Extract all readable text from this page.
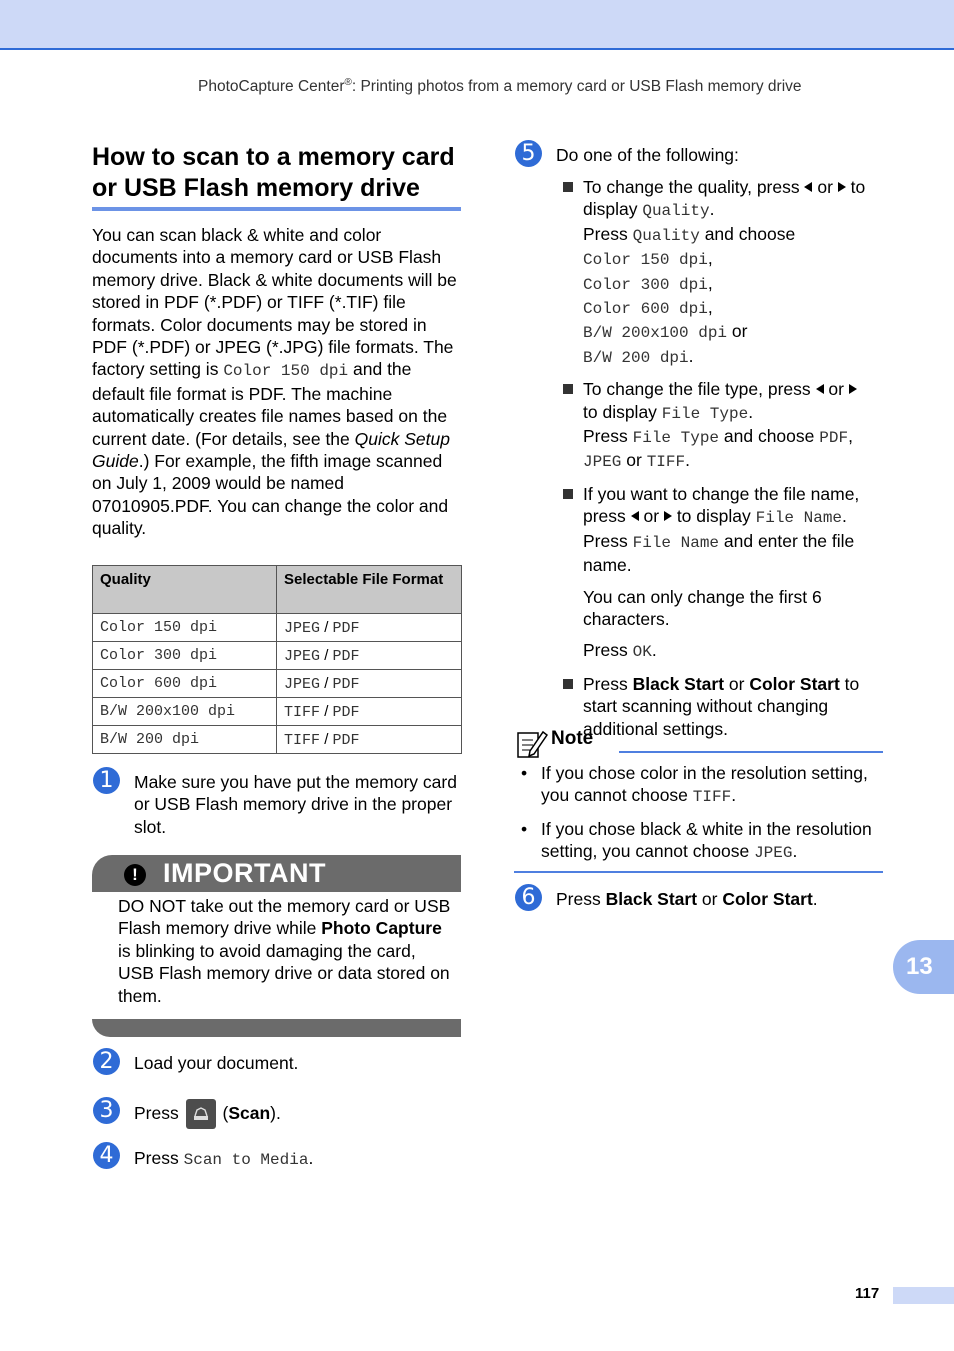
PhotoCapture Center®: Printing photos from a memory card or USB Flash memory drive
How to scan to a memory card or USB Flash memory drive
You can scan black & white and color documents into a memory card or USB Flash memory drive. Black & white documents will be stored in PDF (*.PDF) or TIFF (*.TIF) file formats. Color documents may be stored in PDF (*.PDF) or JPEG (*.JPG) file formats. The factory setting is Color 150 dpi and the default file format is PDF. The machine automatically creates file names based on the current date. (For details, see the Quick Setup Guide.) For example, the fifth image scanned on July 1, 2009 would be named 07010905.PDF. You can change the color and quality.
Quality	Selectable File Format
Color 150 dpi	JPEG / PDF
Color 300 dpi	JPEG / PDF
Color 600 dpi	JPEG / PDF
B/W 200x100 dpi	TIFF / PDF
B/W 200 dpi	TIFF / PDF
1	Make sure you have put the memory card or USB Flash memory drive in the proper slot.
! IMPORTANT
DO NOT take out the memory card or USB Flash memory drive while Photo Capture is blinking to avoid damaging the card, USB Flash memory drive or data stored on them.
2	Load your document.
3	Press
(Scan).
4	Press Scan to Media.
5	Do one of the following:
To change the quality, press  or  to display Quality.
Press Quality and choose
Color 150 dpi,
Color 300 dpi,
Color 600 dpi,
B/W 200x100 dpi or
B/W 200 dpi.
To change the file type, press  or
to display File Type.
Press File Type and choose PDF,
JPEG or TIFF.
If you want to change the file name, press  or  to display File Name.
Press File Name and enter the file name.
You can only change the first 6 characters.
Press OK.
Press Black Start or Color Start to start scanning without changing additional settings.
Note
• If you chose color in the resolution setting, you cannot choose TIFF.
• If you chose black & white in the resolution setting, you cannot choose JPEG.
6	Press Black Start or Color Start.
13
117
